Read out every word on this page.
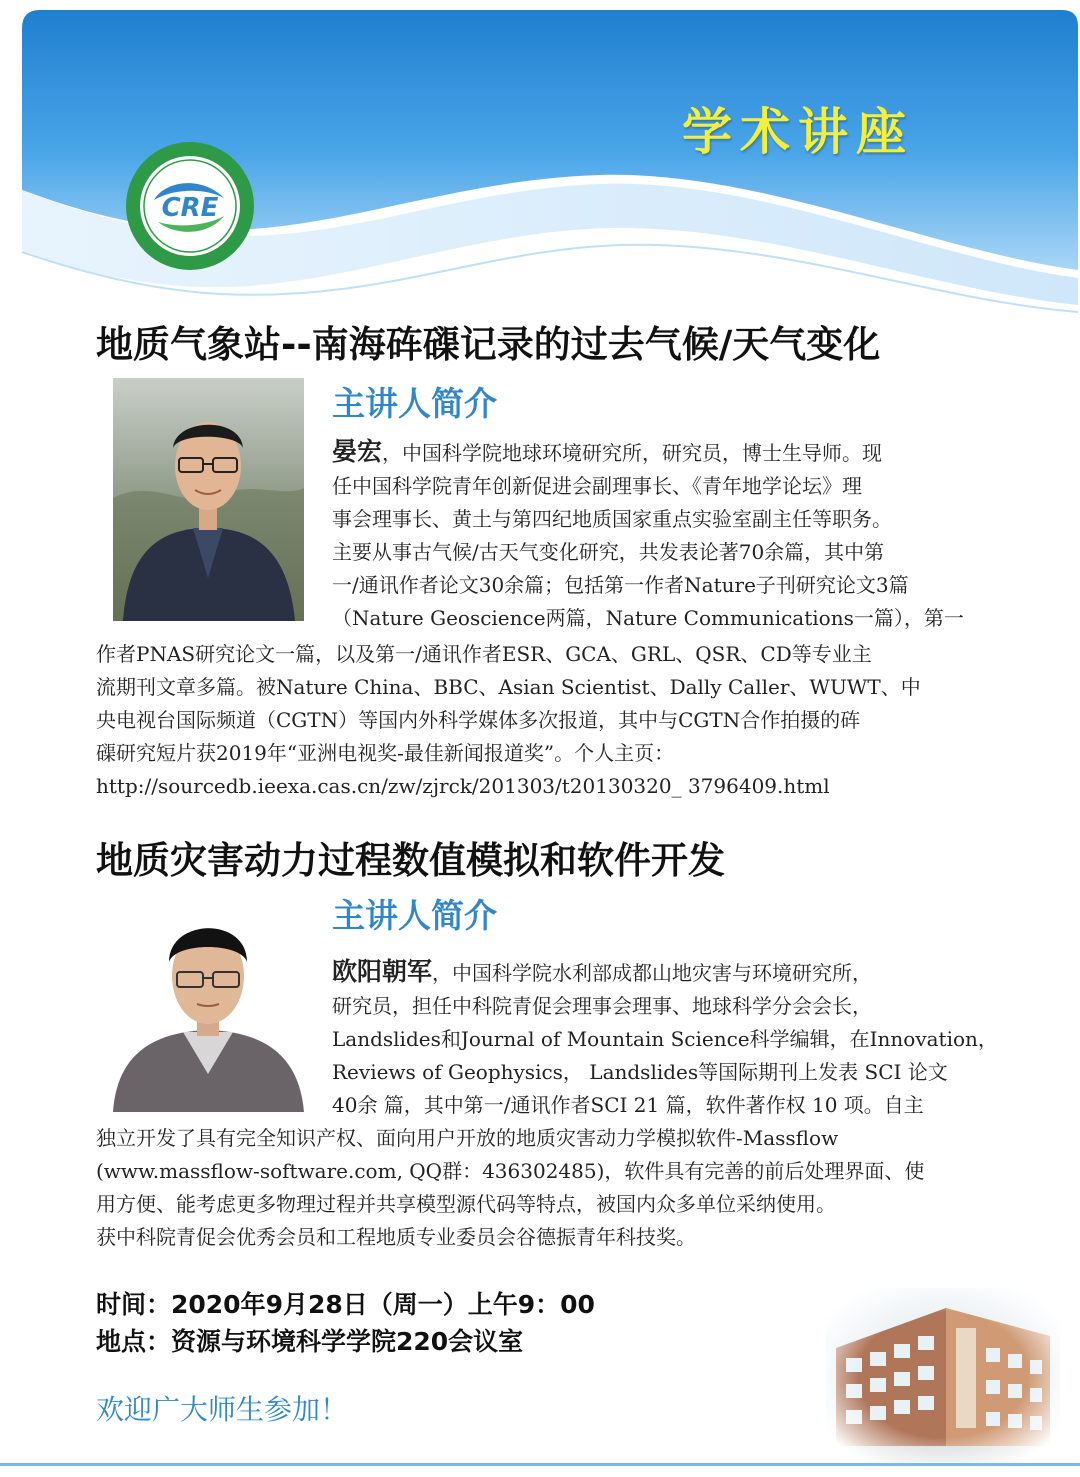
CRE
学术讲座
地质气象站--南海砗磲记录的过去气候/天气变化
主讲人简介
晏宏，中国科学院地球环境研究所，研究员，博士生导师。现
任中国科学院青年创新促进会副理事长、《青年地学论坛》理
事会理事长、黄土与第四纪地质国家重点实验室副主任等职务。
主要从事古气候/古天气变化研究，共发表论著70余篇，其中第
一/通讯作者论文30余篇；包括第一作者Nature子刊研究论文3篇
（Nature Geoscience两篇，Nature Communications一篇），第一
作者PNAS研究论文一篇，以及第一/通讯作者ESR、GCA、GRL、QSR、CD等专业主
流期刊文章多篇。被Nature China、BBC、Asian Scientist、Dally Caller、WUWT、中
央电视台国际频道（CGTN）等国内外科学媒体多次报道，其中与CGTN合作拍摄的砗
磲研究短片获2019年“亚洲电视奖-最佳新闻报道奖”。个人主页：
http://sourcedb.ieexa.cas.cn/zw/zjrck/201303/t20130320_ 3796409.html
地质灾害动力过程数值模拟和软件开发
主讲人简介
欧阳朝军，中国科学院水利部成都山地灾害与环境研究所，
研究员，担任中科院青促会理事会理事、地球科学分会会长，
Landslides和Journal of Mountain Science科学编辑，在Innovation，
Reviews of Geophysics， Landslides等国际期刊上发表 SCI 论文
40余 篇，其中第一/通讯作者SCI 21 篇，软件著作权 10 项。自主
独立开发了具有完全知识产权、面向用户开放的地质灾害动力学模拟软件-Massflow
(www.massflow-software.com, QQ群：436302485)，软件具有完善的前后处理界面、使
用方便、能考虑更多物理过程并共享模型源代码等特点，被国内众多单位采纳使用。
获中科院青促会优秀会员和工程地质专业委员会谷德振青年科技奖。
时间：2020年9月28日（周一）上午9：00
地点：资源与环境科学学院220会议室
欢迎广大师生参加！
